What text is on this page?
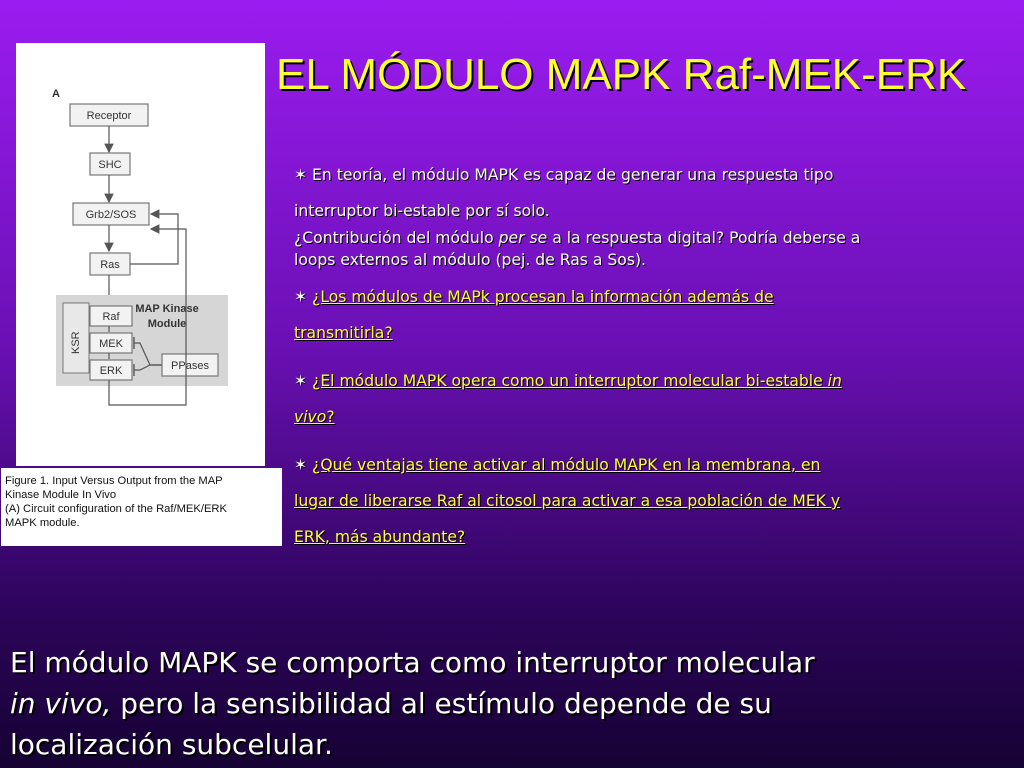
EL MÓDULO MAPK Raf-MEK-ERK
A
Receptor
SHC
Grb2/SOS
Ras
MAP Kinase
Module
KSR
Raf
MEK
ERK	PPases
Figure 1. Input Versus Output from the MAP
Kinase Module In Vivo
(A) Circuit configuration of the Raf/MEK/ERK
MAPK module.
✶ En teoría, el módulo MAPK es capaz de generar una respuesta tipo
interruptor bi-estable por sí solo.
¿Contribución del módulo per se a la respuesta digital? Podría deberse a
loops externos al módulo (pej. de Ras a Sos).
✶ ¿Los módulos de MAPk procesan la información además de
transmitirla?
✶ ¿El módulo MAPK opera como un interruptor molecular bi-estable in
vivo?
✶ ¿Qué ventajas tiene activar al módulo MAPK en la membrana, en
lugar de liberarse Raf al citosol para activar a esa población de MEK y
ERK, más abundante?
El módulo MAPK se comporta como interruptor molecular
in vivo, pero la sensibilidad al estímulo depende de su
localización subcelular.
